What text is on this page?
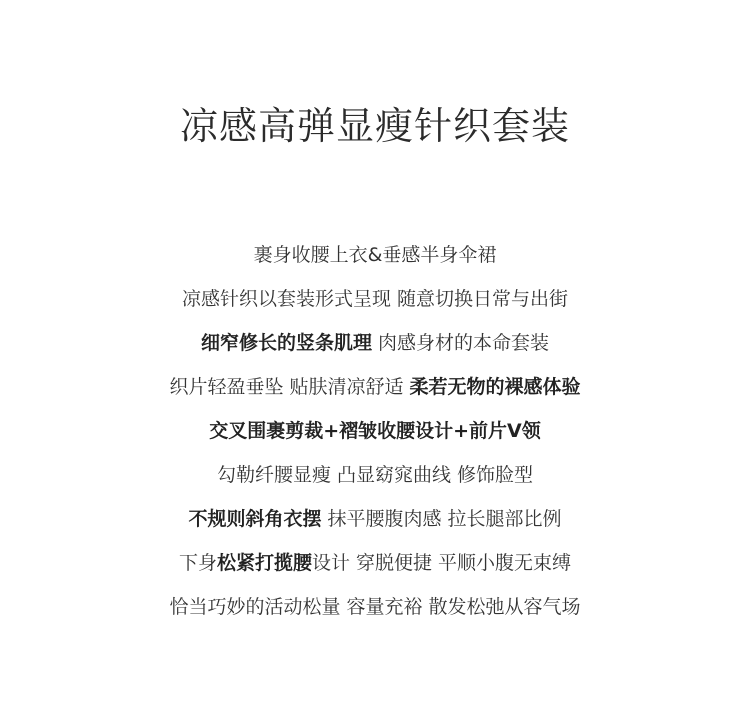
凉感高弹显瘦针织套装
裹身收腰上衣&垂感半身伞裙
凉感针织以套装形式呈现 随意切换日常与出街
细窄修长的竖条肌理 肉感身材的本命套装
织片轻盈垂坠 贴肤清凉舒适 柔若无物的裸感体验
交叉围裹剪裁+褶皱收腰设计+前片V领
勾勒纤腰显瘦 凸显窈窕曲线 修饰脸型
不规则斜角衣摆 抹平腰腹肉感 拉长腿部比例
下身松紧打揽腰设计 穿脱便捷 平顺小腹无束缚
恰当巧妙的活动松量 容量充裕 散发松弛从容气场
